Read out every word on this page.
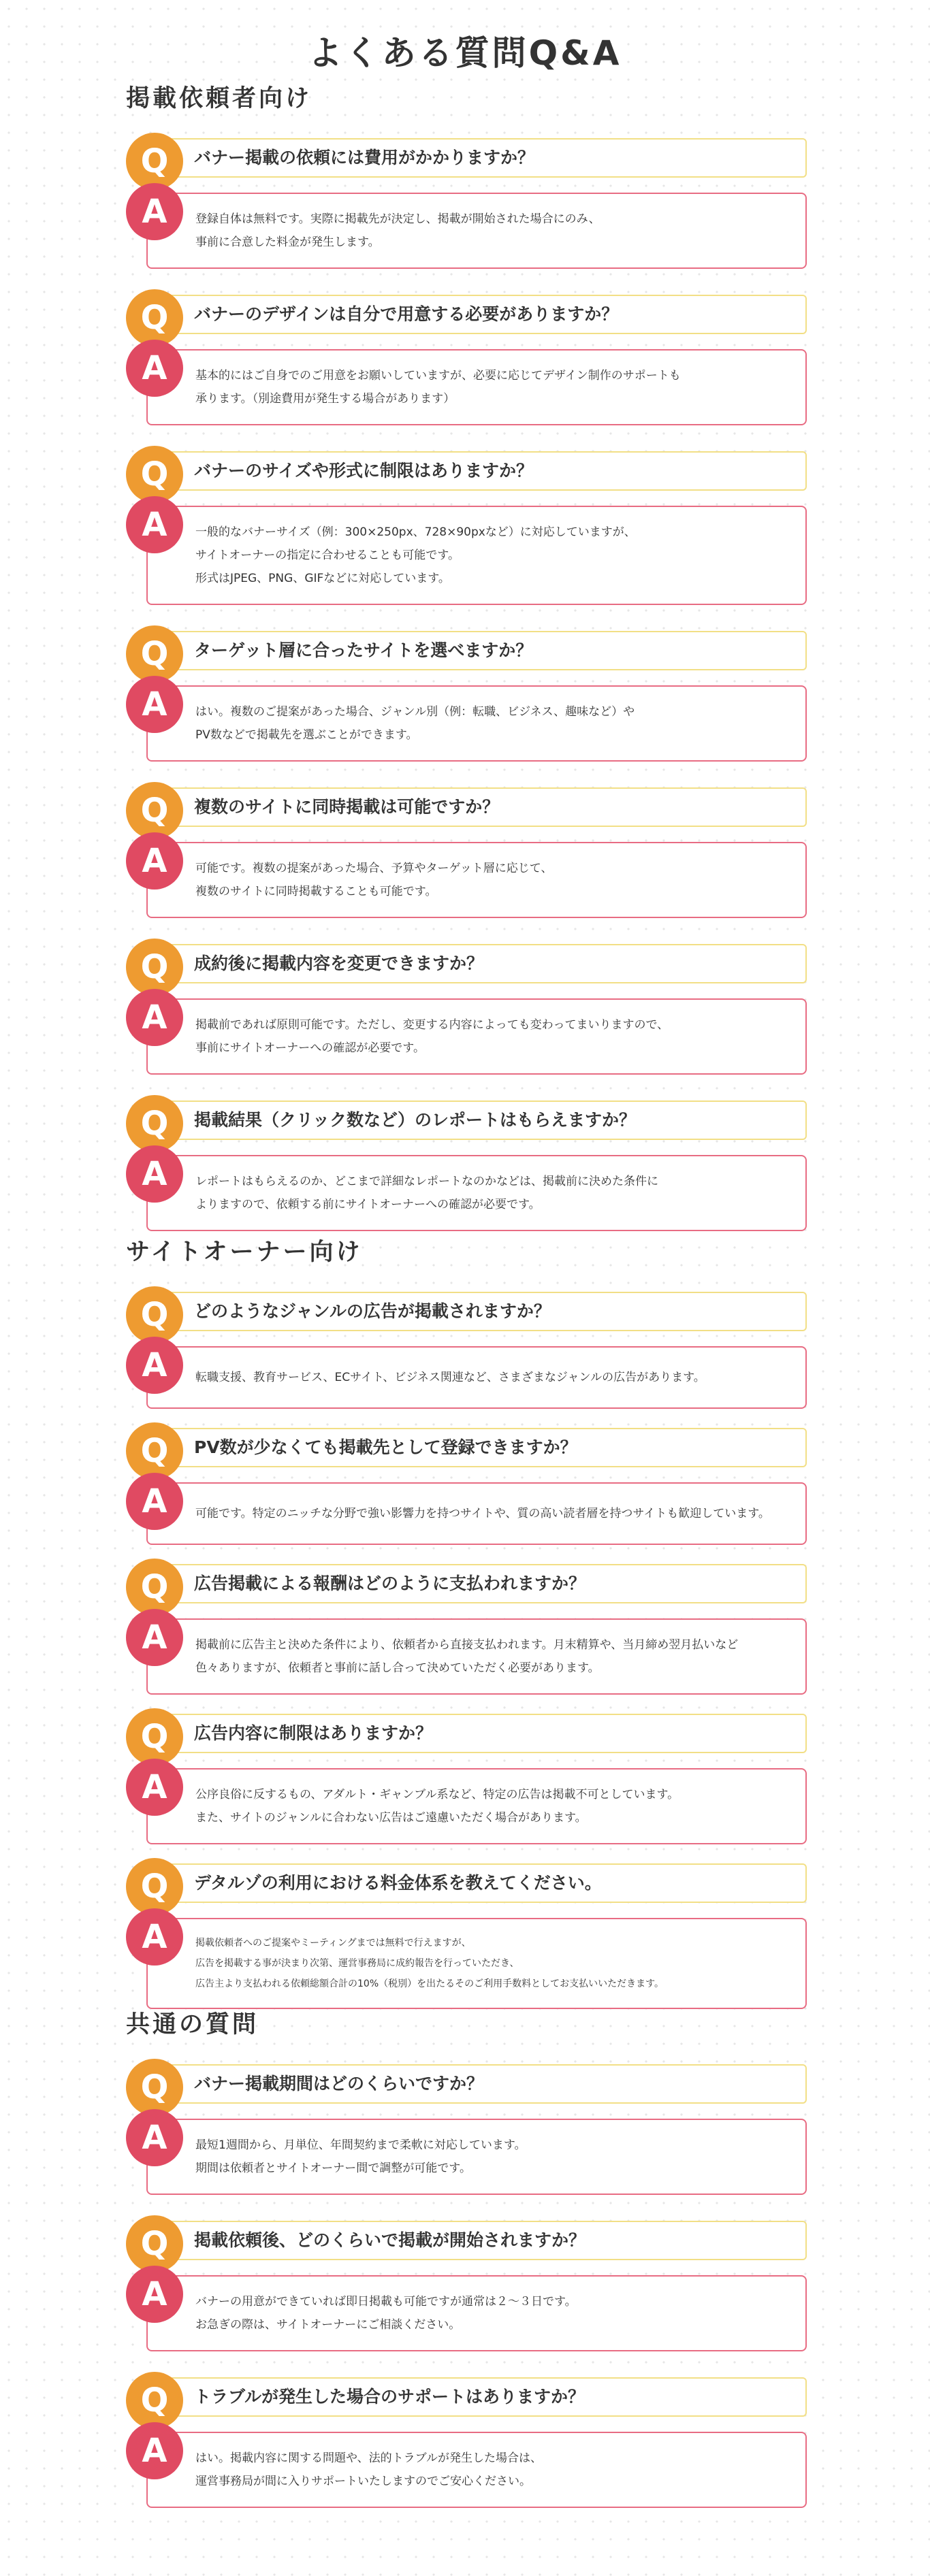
よくある質問Q&A
掲載依頼者向け
Q	バナー掲載の依頼には費用がかかりますか？
登録自体は無料です。実際に掲載先が決定し、掲載が開始された場合にのみ、
事前に合意した料金が発生します。
A
Q	バナーのデザインは自分で用意する必要がありますか？
基本的にはご自身でのご用意をお願いしていますが、必要に応じてデザイン制作のサポートも
承ります。（別途費用が発生する場合があります）
A
Q	バナーのサイズや形式に制限はありますか？
一般的なバナーサイズ（例：300×250px、728×90pxなど）に対応していますが、
サイトオーナーの指定に合わせることも可能です。
形式はJPEG、PNG、GIFなどに対応しています。
A
Q	ターゲット層に合ったサイトを選べますか？
はい。複数のご提案があった場合、ジャンル別（例：転職、ビジネス、趣味など）や
PV数などで掲載先を選ぶことができます。
A
Q	複数のサイトに同時掲載は可能ですか？
可能です。複数の提案があった場合、予算やターゲット層に応じて、
複数のサイトに同時掲載することも可能です。
A
Q	成約後に掲載内容を変更できますか？
掲載前であれば原則可能です。ただし、変更する内容によっても変わってまいりますので、
事前にサイトオーナーへの確認が必要です。
A
Q	掲載結果（クリック数など）のレポートはもらえますか？
レポートはもらえるのか、どこまで詳細なレポートなのかなどは、掲載前に決めた条件に
よりますので、依頼する前にサイトオーナーへの確認が必要です。
A
サイトオーナー向け
Q	どのようなジャンルの広告が掲載されますか？
転職支援、教育サービス、ECサイト、ビジネス関連など、さまざまなジャンルの広告があります。
A
Q	PV数が少なくても掲載先として登録できますか？
可能です。特定のニッチな分野で強い影響力を持つサイトや、質の高い読者層を持つサイトも歓迎しています。
A
Q	広告掲載による報酬はどのように支払われますか？
掲載前に広告主と決めた条件により、依頼者から直接支払われます。月末精算や、当月締め翌月払いなど
色々ありますが、依頼者と事前に話し合って決めていただく必要があります。
A
Q	広告内容に制限はありますか？
公序良俗に反するもの、アダルト・ギャンブル系など、特定の広告は掲載不可としています。
また、サイトのジャンルに合わない広告はご遠慮いただく場合があります。
A
Q	デタルゾの利用における料金体系を教えてください。
掲載依頼者へのご提案やミーティングまでは無料で行えますが、
広告を掲載する事が決まり次第、運営事務局に成約報告を行っていただき、
広告主より支払われる依頼総額合計の10%（税別）を出たるそのご利用手数料としてお支払いいただきます。
A
共通の質問
Q	バナー掲載期間はどのくらいですか？
最短1週間から、月単位、年間契約まで柔軟に対応しています。
期間は依頼者とサイトオーナー間で調整が可能です。
A
Q	掲載依頼後、どのくらいで掲載が開始されますか？
バナーの用意ができていれば即日掲載も可能ですが通常は２〜３日です。
お急ぎの際は、サイトオーナーにご相談ください。
A
Q	トラブルが発生した場合のサポートはありますか？
はい。掲載内容に関する問題や、法的トラブルが発生した場合は、
運営事務局が間に入りサポートいたしますのでご安心ください。
A
